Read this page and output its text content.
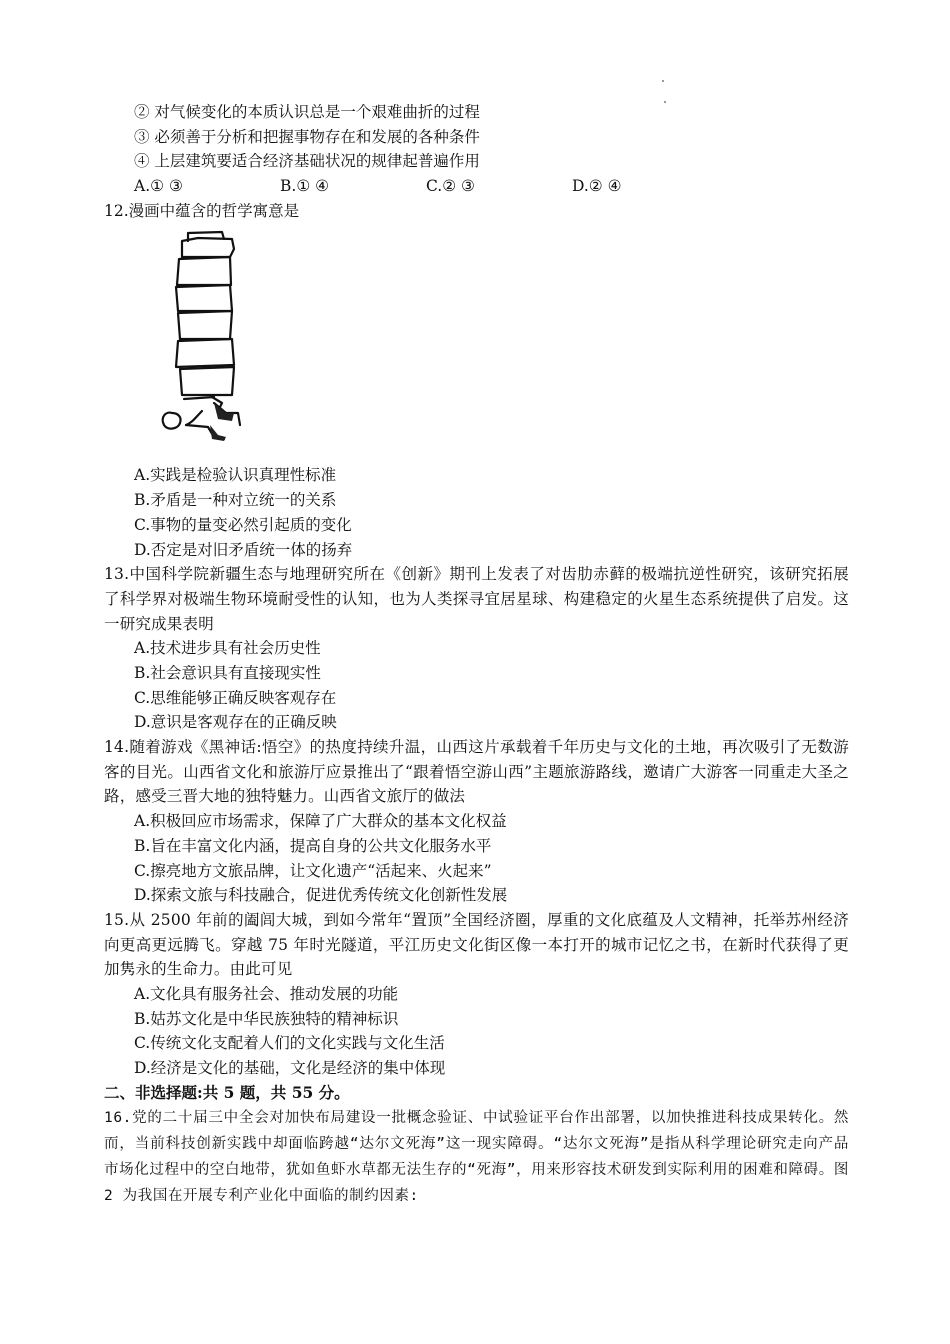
② 对气候变化的本质认识总是一个艰难曲折的过程
③ 必须善于分析和把握事物存在和发展的各种条件
④ 上层建筑要适合经济基础状况的规律起普遍作用
A.① ③	B.① ④	C.② ③	D.② ④
12.漫画中蕴含的哲学寓意是
A.实践是检验认识真理性标准
B.矛盾是一种对立统一的关系
C.事物的量变必然引起质的变化
D.否定是对旧矛盾统一体的扬弃
13.中国科学院新疆生态与地理研究所在《创新》期刊上发表了对齿肋赤藓的极端抗逆性研究，该研究拓展了科学界对极端生物环境耐受性的认知，也为人类探寻宜居星球、构建稳定的火星生态系统提供了启发。这一研究成果表明
A.技术进步具有社会历史性
B.社会意识具有直接现实性
C.思维能够正确反映客观存在
D.意识是客观存在的正确反映
14.随着游戏《黑神话:悟空》的热度持续升温，山西这片承载着千年历史与文化的土地，再次吸引了无数游客的目光。山西省文化和旅游厅应景推出了“跟着悟空游山西”主题旅游路线，邀请广大游客一同重走大圣之路，感受三晋大地的独特魅力。山西省文旅厅的做法
A.积极回应市场需求，保障了广大群众的基本文化权益
B.旨在丰富文化内涵，提高自身的公共文化服务水平
C.擦亮地方文旅品牌，让文化遗产“活起来、火起来”
D.探索文旅与科技融合，促进优秀传统文化创新性发展
15.从 2500 年前的阖闾大城，到如今常年“置顶”全国经济圈，厚重的文化底蕴及人文精神，托举苏州经济向更高更远腾飞。穿越 75 年时光隧道，平江历史文化街区像一本打开的城市记忆之书，在新时代获得了更加隽永的生命力。由此可见
A.文化具有服务社会、推动发展的功能
B.姑苏文化是中华民族独特的精神标识
C.传统文化支配着人们的文化实践与文化生活
D.经济是文化的基础，文化是经济的集中体现
二、非选择题:共 5 题，共 55 分。
16.党的二十届三中全会对加快布局建设一批概念验证、中试验证平台作出部署，以加快推进科技成果转化。然而，当前科技创新实践中却面临跨越“达尔文死海”这一现实障碍。“达尔文死海”是指从科学理论研究走向产品市场化过程中的空白地带，犹如鱼虾水草都无法生存的“死海”，用来形容技术研发到实际利用的困难和障碍。图 2 为我国在开展专利产业化中面临的制约因素:
